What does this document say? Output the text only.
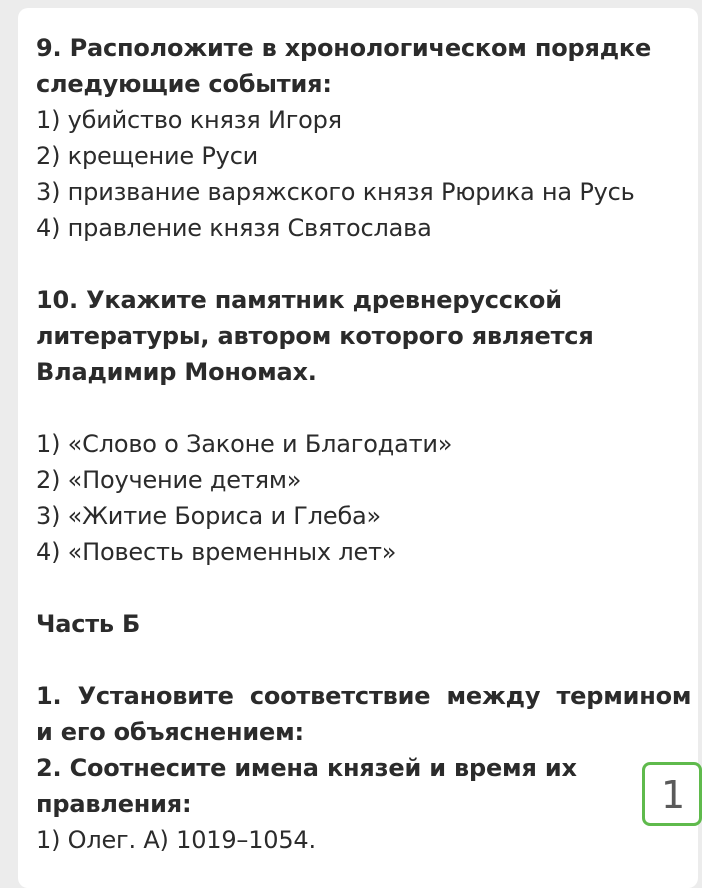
9. Расположите в хронологическом порядке
следующие события:
1) убийство князя Игоря
2) крещение Руси
3) призвание варяжского князя Рюрика на Русь
4) правление князя Святослава
10. Укажите памятник древнерусской
литературы, автором которого является
Владимир Мономах.
1) «Слово о Законе и Благодати»
2) «Поучение детям»
3) «Житие Бориса и Глеба»
4) «Повесть временных лет»
Часть Б
1. Установите соответствие между термином
и его объяснением:
2. Соотнесите имена князей и время их
правления:
1) Олег. А) 1019–1054.
1
